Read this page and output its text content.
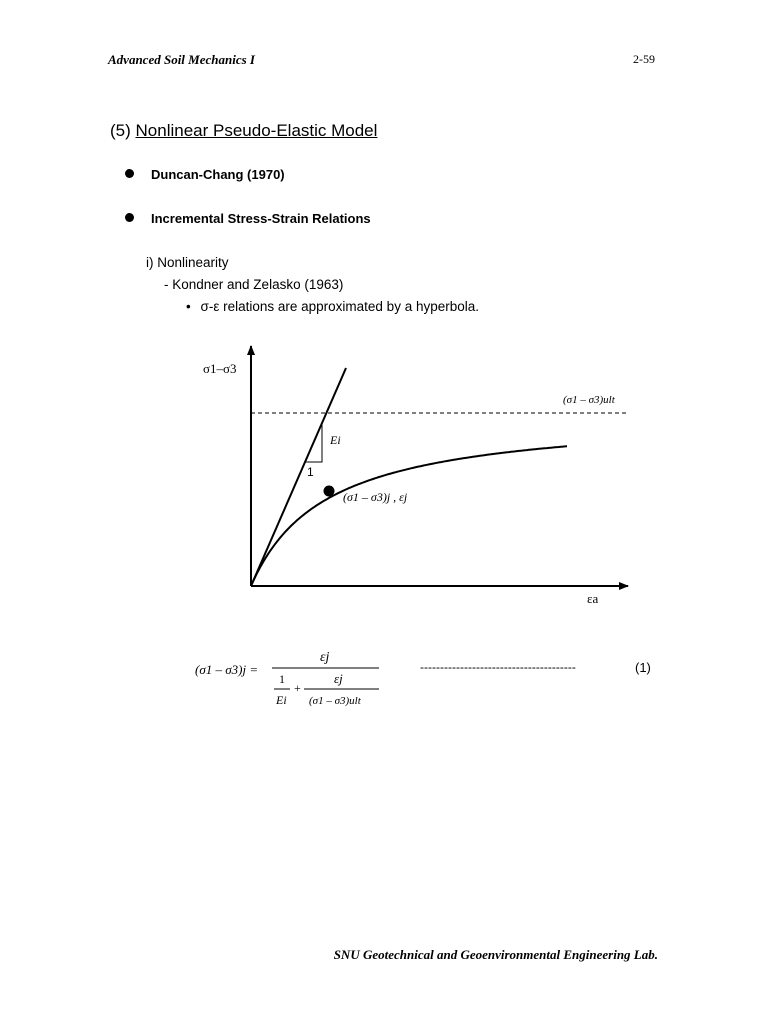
Advanced Soil Mechanics I	2-59
(5) Nonlinear Pseudo-Elastic Model
Duncan-Chang (1970)
Incremental Stress-Strain Relations
i) Nonlinearity
- Kondner and Zelasko (1963)
• σ-ε relations are approximated by a hyperbola.
σ1–σ3
εa
(σ1 – σ3)ult
Ei
1
(σ1 – σ3)j , εj
(σ1 – σ3)j =
εj
1
Ei
+
εj
(σ1 – σ3)ult
---------------------------------------	(1)
SNU Geotechnical and Geoenvironmental Engineering Lab.
